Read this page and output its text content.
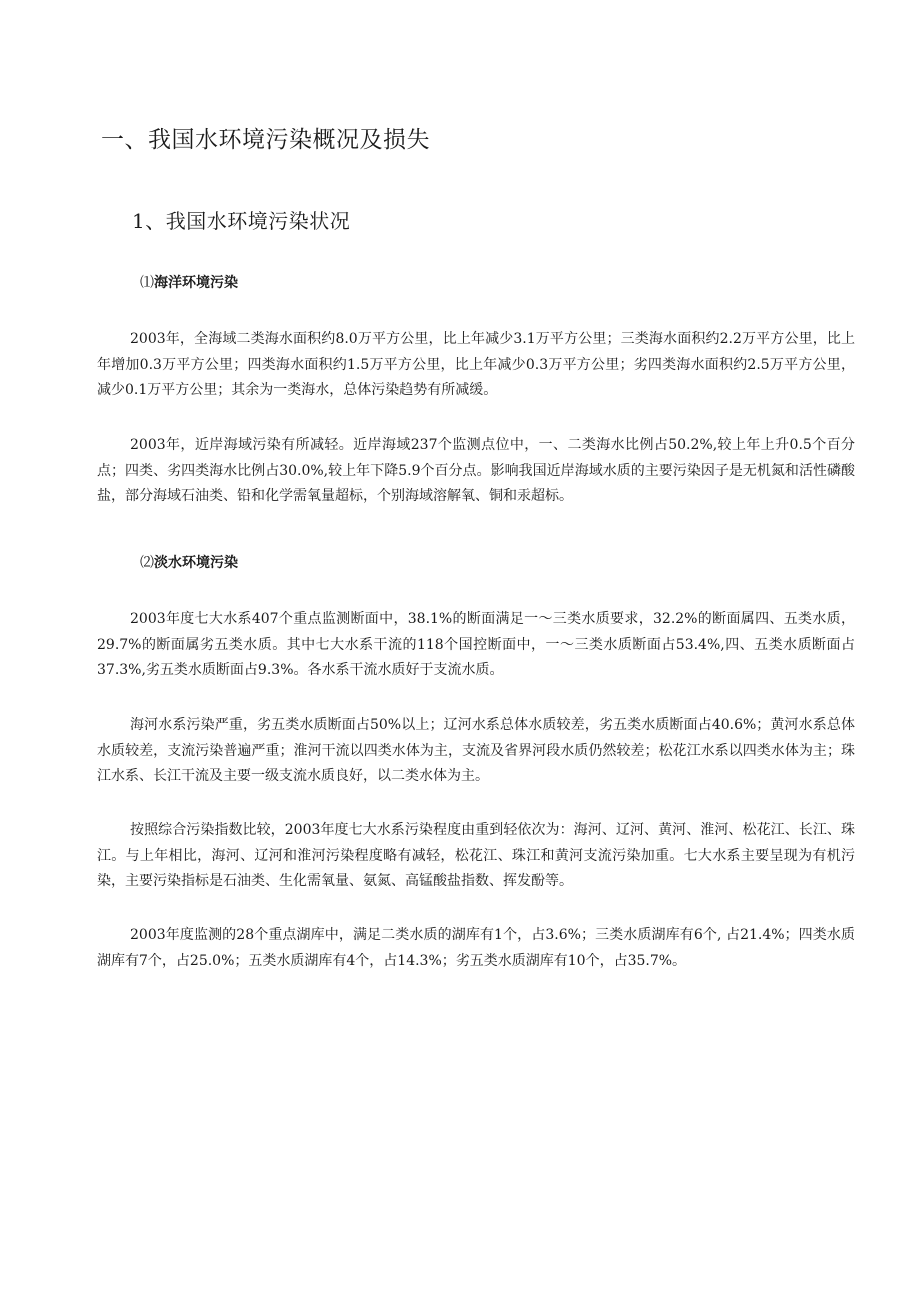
一、我国水环境污染概况及损失
1、我国水环境污染状况
⑴海洋环境污染

2003年，全海域二类海水面积约8.0万平方公里，比上年减少3.1万平方公里；三类海水面积约2.2万平方公里，比上年增加0.3万平方公里；四类海水面积约1.5万平方公里，比上年减少0.3万平方公里；劣四类海水面积约2.5万平方公里，减少0.1万平方公里；其余为一类海水，总体污染趋势有所减缓。

2003年，近岸海域污染有所减轻。近岸海域237个监测点位中，一、二类海水比例占50.2%,较上年上升0.5个百分点；四类、劣四类海水比例占30.0%,较上年下降5.9个百分点。影响我国近岸海域水质的主要污染因子是无机氮和活性磷酸盐，部分海域石油类、铅和化学需氧量超标，个别海域溶解氧、铜和汞超标。

⑵淡水环境污染

2003年度七大水系407个重点监测断面中，38.1%的断面满足一〜三类水质要求，32.2%的断面属四、五类水质，29.7%的断面属劣五类水质。其中七大水系干流的118个国控断面中，一〜三类水质断面占53.4%,四、五类水质断面占37.3%,劣五类水质断面占9.3%。各水系干流水质好于支流水质。

海河水系污染严重，劣五类水质断面占50%以上；辽河水系总体水质较差，劣五类水质断面占40.6%；黄河水系总体水质较差，支流污染普遍严重；淮河干流以四类水体为主，支流及省界河段水质仍然较差；松花江水系以四类水体为主；珠江水系、长江干流及主要一级支流水质良好，以二类水体为主。

按照综合污染指数比较，2003年度七大水系污染程度由重到轻依次为：海河、辽河、黄河、淮河、松花江、长江、珠江。与上年相比，海河、辽河和淮河污染程度略有减轻，松花江、珠江和黄河支流污染加重。七大水系主要呈现为有机污染，主要污染指标是石油类、生化需氧量、氨氮、高锰酸盐指数、挥发酚等。

2003年度监测的28个重点湖库中，满足二类水质的湖库有1个，占3.6%；三类水质湖库有6个, 占21.4%；四类水质湖库有7个，占25.0%；五类水质湖库有4个，占14.3%；劣五类水质湖库有10个，占35.7%。
